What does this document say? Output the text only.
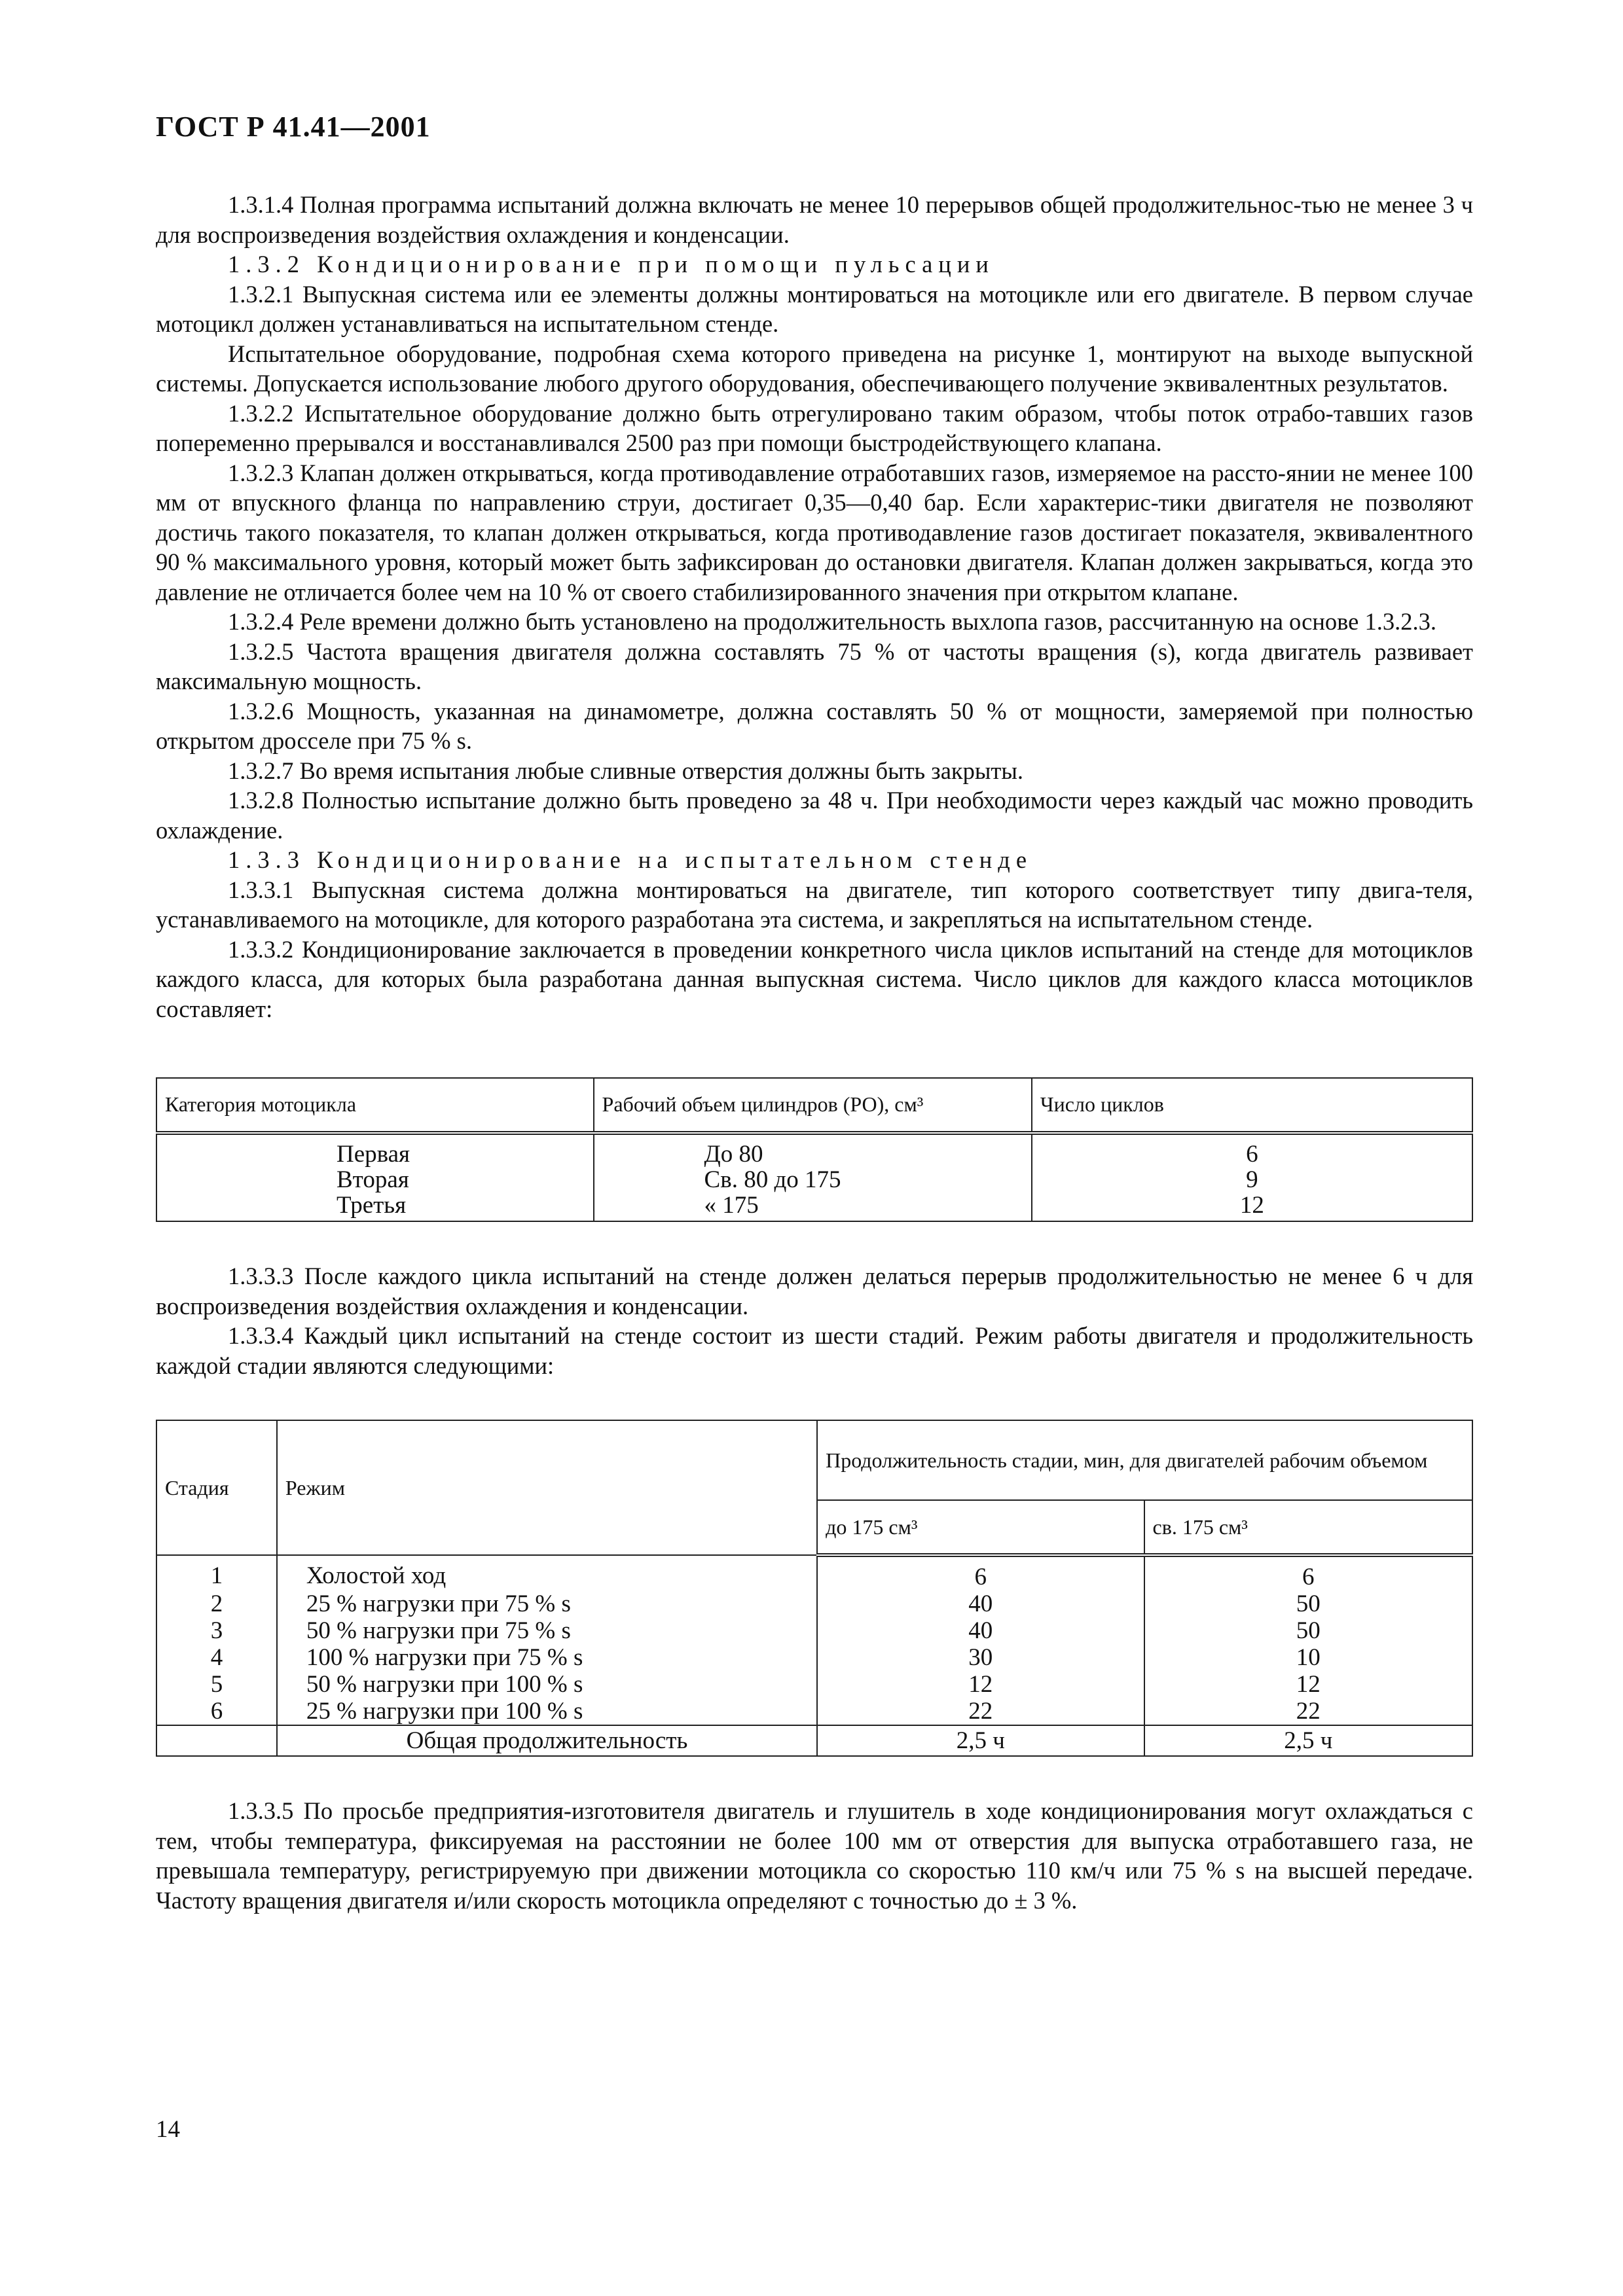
ГОСТ Р 41.41—2001

1.3.1.4 Полная программа испытаний должна включать не менее 10 перерывов общей продолжительнос-тью не менее 3 ч для воспроизведения воздействия охлаждения и конденсации.

1.3.2 Кондиционирование при помощи пульсации

1.3.2.1 Выпускная система или ее элементы должны монтироваться на мотоцикле или его двигателе. В первом случае мотоцикл должен устанавливаться на испытательном стенде.

Испытательное оборудование, подробная схема которого приведена на рисунке 1, монтируют на выходе выпускной системы. Допускается использование любого другого оборудования, обеспечивающего получение эквивалентных результатов.

1.3.2.2 Испытательное оборудование должно быть отрегулировано таким образом, чтобы поток отрабо-тавших газов попеременно прерывался и восстанавливался 2500 раз при помощи быстродействующего клапана.

1.3.2.3 Клапан должен открываться, когда противодавление отработавших газов, измеряемое на рассто-янии не менее 100 мм от впускного фланца по направлению струи, достигает 0,35—0,40 бар. Если характерис-тики двигателя не позволяют достичь такого показателя, то клапан должен открываться, когда противодавление газов достигает показателя, эквивалентного 90 % максимального уровня, который может быть зафиксирован до остановки двигателя. Клапан должен закрываться, когда это давление не отличается более чем на 10 % от своего стабилизированного значения при открытом клапане.

1.3.2.4 Реле времени должно быть установлено на продолжительность выхлопа газов, рассчитанную на основе 1.3.2.3.

1.3.2.5 Частота вращения двигателя должна составлять 75 % от частоты вращения (s), когда двигатель развивает максимальную мощность.

1.3.2.6 Мощность, указанная на динамометре, должна составлять 50 % от мощности, замеряемой при полностью открытом дросселе при 75 % s.

1.3.2.7 Во время испытания любые сливные отверстия должны быть закрыты.

1.3.2.8 Полностью испытание должно быть проведено за 48 ч. При необходимости через каждый час можно проводить охлаждение.

1.3.3 Кондиционирование на испытательном стенде

1.3.3.1 Выпускная система должна монтироваться на двигателе, тип которого соответствует типу двига-теля, устанавливаемого на мотоцикле, для которого разработана эта система, и закрепляться на испытательном стенде.

1.3.3.2 Кондиционирование заключается в проведении конкретного числа циклов испытаний на стенде для мотоциклов каждого класса, для которых была разработана данная выпускная система. Число циклов для каждого класса мотоциклов составляет:

Категория мотоцикла	Рабочий объем цилиндров (РО), см³	Число циклов
Первая	До 80	6
Вторая	Св. 80 до 175	9
Третья	« 175	12

1.3.3.3 После каждого цикла испытаний на стенде должен делаться перерыв продолжительностью не менее 6 ч для воспроизведения воздействия охлаждения и конденсации.

1.3.3.4 Каждый цикл испытаний на стенде состоит из шести стадий. Режим работы двигателя и продолжительность каждой стадии являются следующими:

Стадия	Режим	Продолжительность стадии, мин, для двигателей рабочим объемом	
		до 175 см³	св. 175 см³
1	Холостой ход	6	6
2	25 % нагрузки при 75 % s	40	50
3	50 % нагрузки при 75 % s	40	50
4	100 % нагрузки при 75 % s	30	10
5	50 % нагрузки при 100 % s	12	12
6	25 % нагрузки при 100 % s	22	22
	Общая продолжительность	2,5 ч	2,5 ч

1.3.3.5 По просьбе предприятия-изготовителя двигатель и глушитель в ходе кондиционирования могут охлаждаться с тем, чтобы температура, фиксируемая на расстоянии не более 100 мм от отверстия для выпуска отработавшего газа, не превышала температуру, регистрируемую при движении мотоцикла со скоростью 110 км/ч или 75 % s на высшей передаче. Частоту вращения двигателя и/или скорость мотоцикла определяют с точностью до ± 3 %.

14
